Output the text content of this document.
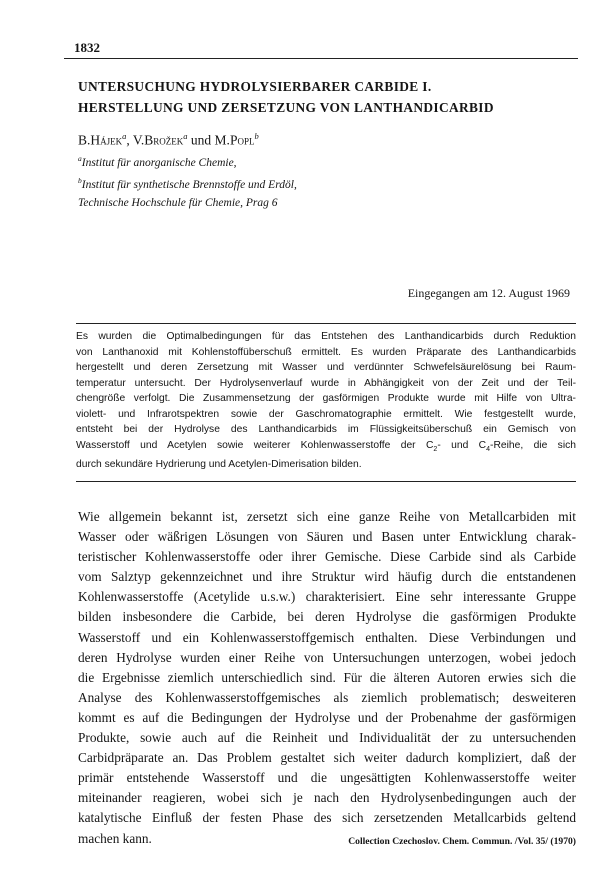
1832
UNTERSUCHUNG HYDROLYSIERBARER CARBIDE I.
HERSTELLUNG UND ZERSETZUNG VON LANTHANDICARBID
B.Hájek$^a$, V.Brožek$^a$ und M.Popl$^b$
$^a$Institut für anorganische Chemie,
$^b$Institut für synthetische Brennstoffe und Erdöl,
Technische Hochschule für Chemie, Prag 6
Eingegangen am 12. August 1969
Es wurden die Optimalbedingungen für das Entstehen des Lanthandicarbids durch Reduktion
von Lanthanoxid mit Kohlenstoffüberschuß ermittelt. Es wurden Präparate des Lanthandicarbids
hergestellt und deren Zersetzung mit Wasser und verdünnter Schwefelsäurelösung bei Raum-
temperatur untersucht. Der Hydrolysenverlauf wurde in Abhängigkeit von der Zeit und der Teil-
chengröße verfolgt. Die Zusammensetzung der gasförmigen Produkte wurde mit Hilfe von Ultra-
violett- und Infrarotspektren sowie der Gaschromatographie ermittelt. Wie festgestellt wurde,
entsteht bei der Hydrolyse des Lanthandicarbids im Flüssigkeitsüberschuß ein Gemisch von
Wasserstoff und Acetylen sowie weiterer Kohlenwasserstoffe der $C_2-$ und $C_4$-Reihe, die sich
durch sekundäre Hydrierung und Acetylen-Dimerisation bilden.
Wie allgemein bekannt ist, zersetzt sich eine ganze Reihe von Metallcarbiden mit
Wasser oder wäßrigen Lösungen von Säuren und Basen unter Entwicklung charak-
teristischer Kohlenwasserstoffe oder ihrer Gemische. Diese Carbide sind als Carbide
vom Salztyp gekennzeichnet und ihre Struktur wird häufig durch die entstandenen
Kohlenwasserstoffe (Acetylide u.s.w.) charakterisiert. Eine sehr interessante Gruppe
bilden insbesondere die Carbide, bei deren Hydrolyse die gasförmigen Produkte
Wasserstoff und ein Kohlenwasserstoffgemisch enthalten. Diese Verbindungen und
deren Hydrolyse wurden einer Reihe von Untersuchungen unterzogen, wobei jedoch
die Ergebnisse ziemlich unterschiedlich sind. Für die älteren Autoren erwies sich die
Analyse des Kohlenwasserstoffgemisches als ziemlich problematisch; desweiteren
kommt es auf die Bedingungen der Hydrolyse und der Probenahme der gasförmigen
Produkte, sowie auch auf die Reinheit und Individualität der zu untersuchenden
Carbidpräparate an. Das Problem gestaltet sich weiter dadurch kompliziert, daß der
primär entstehende Wasserstoff und die ungesättigten Kohlenwasserstoffe weiter
miteinander reagieren, wobei sich je nach den Hydrolysenbedingungen auch der
katalytische Einfluß der festen Phase des sich zersetzenden Metallcarbids geltend
machen kann.	Collection Czechoslov. Chem. Commun. /Vol. 35/ (1970)
